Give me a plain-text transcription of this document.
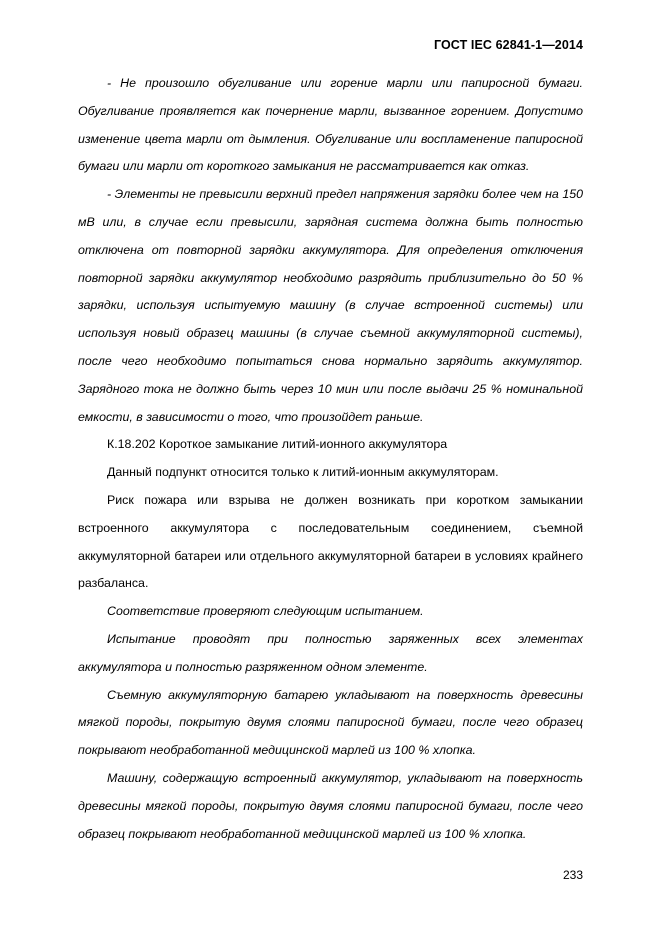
ГОСТ IEC 62841-1—2014

- Не произошло обугливание или горение марли или папиросной бумаги. Обугливание проявляется как почернение марли, вызванное горением. Допустимо изменение цвета марли от дымления. Обугливание или воспламенение папиросной бумаги или марли от короткого замыкания не рассматривается как отказ.

- Элементы не превысили верхний предел напряжения зарядки более чем на 150 мВ или, в случае если превысили, зарядная система должна быть полностью отключена от повторной зарядки аккумулятора. Для определения отключения повторной зарядки аккумулятор необходимо разрядить приблизительно до 50 % зарядки, используя испытуемую машину (в случае встроенной системы) или используя новый образец машины (в случае съемной аккумуляторной системы), после чего необходимо попытаться снова нормально зарядить аккумулятор. Зарядного тока не должно быть через 10 мин или после выдачи 25 % номинальной емкости, в зависимости о того, что произойдет раньше.

К.18.202 Короткое замыкание литий-ионного аккумулятора

Данный подпункт относится только к литий-ионным аккумуляторам.

Риск пожара или взрыва не должен возникать при коротком замыкании встроенного аккумулятора с последовательным соединением, съемной аккумуляторной батареи или отдельного аккумуляторной батареи в условиях крайнего разбаланса.

Соответствие проверяют следующим испытанием.

Испытание проводят при полностью заряженных всех элементах аккумулятора и полностью разряженном одном элементе.

Съемную аккумуляторную батарею укладывают на поверхность древесины мягкой породы, покрытую двумя слоями папиросной бумаги, после чего образец покрывают необработанной медицинской марлей из 100 % хлопка.

Машину, содержащую встроенный аккумулятор, укладывают на поверхность древесины мягкой породы, покрытую двумя слоями папиросной бумаги, после чего образец покрывают необработанной медицинской марлей из 100 % хлопка.

233
